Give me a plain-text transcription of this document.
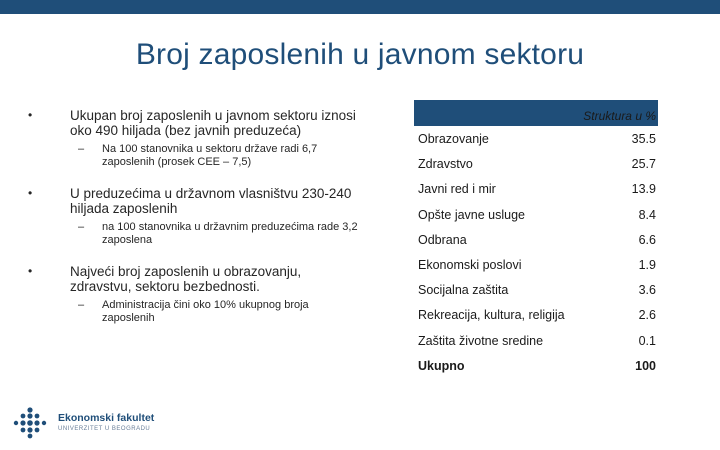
Broj zaposlenih u javnom sektoru
•	Ukupan broj zaposlenih u javnom sektoru iznosi oko 490 hiljada (bez javnih preduzeća)
– Na 100 stanovnika u sektoru države radi 6,7 zaposlenih (prosek CEE – 7,5)
•	U preduzećima u državnom vlasništvu 230-240 hiljada zaposlenih
– na 100 stanovnika u državnim preduzećima rade 3,2 zaposlena
•	Najveći broj zaposlenih u obrazovanju, zdravstvu, sektoru bezbednosti.
– Administracija čini oko 10% ukupnog broja zaposlenih
Struktura u %
Obrazovanje	35.5
Zdravstvo	25.7
Javni red i mir	13.9
Opšte javne usluge	8.4
Odbrana	6.6
Ekonomski poslovi	1.9
Socijalna zaštita	3.6
Rekreacija, kultura, religija	2.6
Zaštita životne sredine	0.1
Ukupno	100
Ekonomski fakultet
UNIVERZITET U BEOGRADU
